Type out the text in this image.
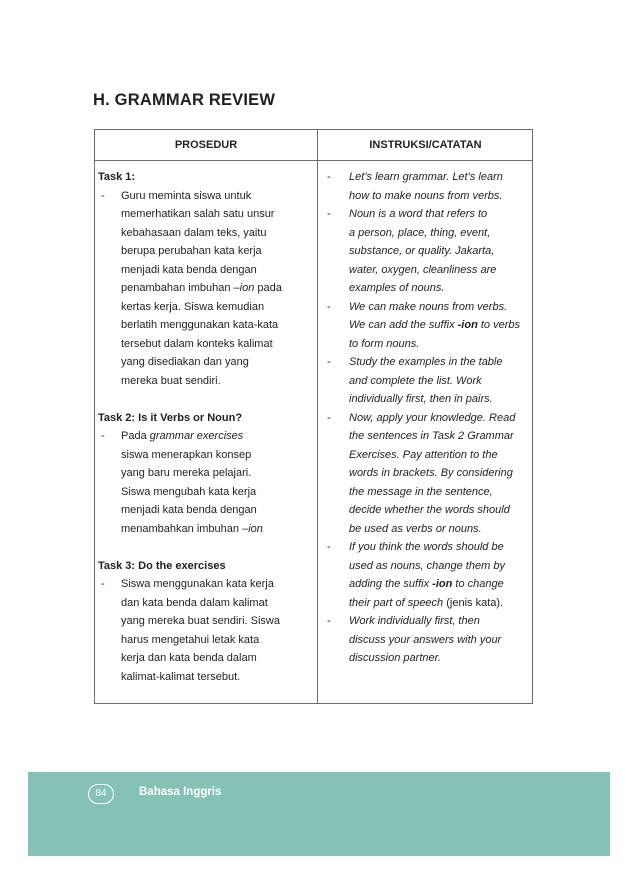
H. GRAMMAR REVIEW
PROSEDUR	INSTRUKSI/CATATAN
Task 1:
- Guru meminta siswa untuk
memerhatikan salah satu unsur
kebahasaan dalam teks, yaitu
berupa perubahan kata kerja
menjadi kata benda dengan
penambahan imbuhan –ion pada
kertas kerja. Siswa kemudian
berlatih menggunakan kata-kata
tersebut dalam konteks kalimat
yang disediakan dan yang
mereka buat sendiri.
Task 2: Is it Verbs or Noun?
- Pada grammar exercises
siswa menerapkan konsep
yang baru mereka pelajari.
Siswa mengubah kata kerja
menjadi kata benda dengan
menambahkan imbuhan –ion
Task 3: Do the exercises
- Siswa menggunakan kata kerja
dan kata benda dalam kalimat
yang mereka buat sendiri. Siswa
harus mengetahui letak kata
kerja dan kata benda dalam
kalimat-kalimat tersebut.
- Let’s learn grammar. Let’s learn
how to make nouns from verbs.
- Noun is a word that refers to
a person, place, thing, event,
substance, or quality. Jakarta,
water, oxygen, cleanliness are
examples of nouns.
- We can make nouns from verbs.
We can add the suffix -ion to verbs
to form nouns.
- Study the examples in the table
and complete the list. Work
individually first, then in pairs.
- Now, apply your knowledge. Read
the sentences in Task 2 Grammar
Exercises. Pay attention to the
words in brackets. By considering
the message in the sentence,
decide whether the words should
be used as verbs or nouns.
- If you think the words should be
used as nouns, change them by
adding the suffix -ion to change
their part of speech (jenis kata).
- Work individually first, then
discuss your answers with your
discussion partner.
84	Bahasa Inggris
